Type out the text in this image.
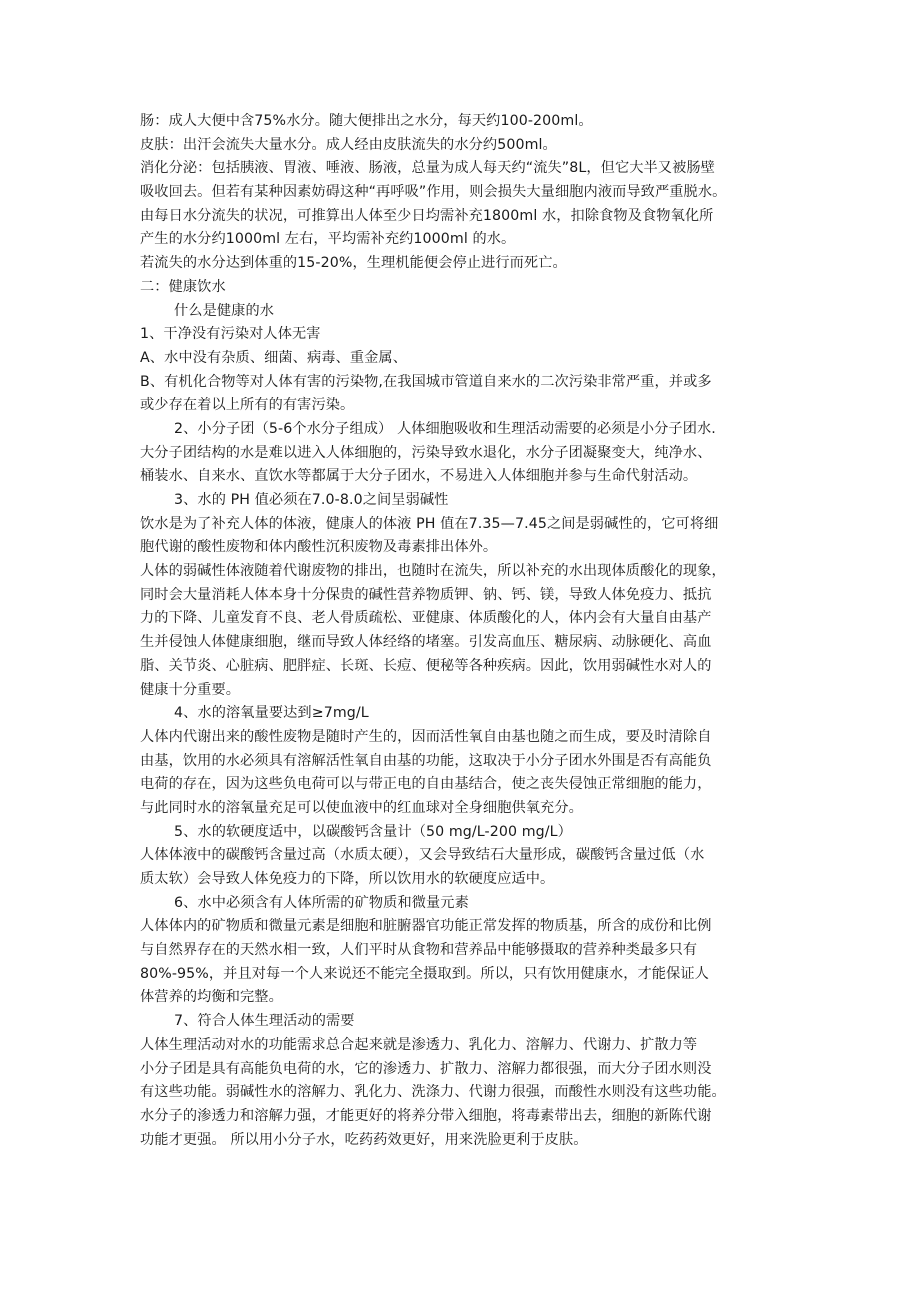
肠：成人大便中含75%水分。随大便排出之水分，每天约100-200ml。
皮肤：出汗会流失大量水分。成人经由皮肤流失的水分约500ml。
消化分泌：包括胰液、胃液、唾液、肠液，总量为成人每天约“流失”8L，但它大半又被肠壁
吸收回去。但若有某种因素妨碍这种“再呼吸”作用，则会损失大量细胞内液而导致严重脱水。
由每日水分流失的状况，可推算出人体至少日均需补充1800ml 水，扣除食物及食物氧化所
产生的水分约1000ml 左右，平均需补充约1000ml 的水。
若流失的水分达到体重的15-20%，生理机能便会停止进行而死亡。
二：健康饮水
什么是健康的水
1、干净没有污染对人体无害
A、水中没有杂质、细菌、病毒、重金属、
B、有机化合物等对人体有害的污染物,在我国城市管道自来水的二次污染非常严重，并或多
或少存在着以上所有的有害污染。
2、小分子团（5-6个水分子组成） 人体细胞吸收和生理活动需要的必须是小分子团水.
大分子团结构的水是难以进入人体细胞的，污染导致水退化，水分子团凝聚变大，纯净水、
桶装水、自来水、直饮水等都属于大分子团水，不易进入人体细胞并参与生命代射活动。
3、水的 PH 值必须在7.0-8.0之间呈弱碱性
饮水是为了补充人体的体液，健康人的体液 PH 值在7.35—7.45之间是弱碱性的，它可将细
胞代谢的酸性废物和体内酸性沉积废物及毒素排出体外。
人体的弱碱性体液随着代谢废物的排出，也随时在流失，所以补充的水出现体质酸化的现象，
同时会大量消耗人体本身十分保贵的碱性营养物质钾、钠、钙、镁，导致人体免疫力、抵抗
力的下降、儿童发育不良、老人骨质疏松、亚健康、体质酸化的人，体内会有大量自由基产
生并侵蚀人体健康细胞，继而导致人体经络的堵塞。引发高血压、糖尿病、动脉硬化、高血
脂、关节炎、心脏病、肥胖症、长斑、长痘、便秘等各种疾病。因此，饮用弱碱性水对人的
健康十分重要。
4、水的溶氧量要达到≥7mg/L
人体内代谢出来的酸性废物是随时产生的，因而活性氧自由基也随之而生成，要及时清除自
由基，饮用的水必须具有溶解活性氧自由基的功能，这取决于小分子团水外围是否有高能负
电荷的存在，因为这些负电荷可以与带正电的自由基结合，使之丧失侵蚀正常细胞的能力，
与此同时水的溶氧量充足可以使血液中的红血球对全身细胞供氧充分。
5、水的软硬度适中，以碳酸钙含量计（50 mg/L-200 mg/L）
人体体液中的碳酸钙含量过高（水质太硬），又会导致结石大量形成，碳酸钙含量过低（水
质太软）会导致人体免疫力的下降，所以饮用水的软硬度应适中。
6、水中必须含有人体所需的矿物质和微量元素
人体体内的矿物质和微量元素是细胞和脏腑器官功能正常发挥的物质基，所含的成份和比例
与自然界存在的天然水相一致，人们平时从食物和营养品中能够摄取的营养种类最多只有
80%-95%，并且对每一个人来说还不能完全摄取到。所以，只有饮用健康水，才能保证人
体营养的均衡和完整。
7、符合人体生理活动的需要
人体生理活动对水的功能需求总合起来就是渗透力、乳化力、溶解力、代谢力、扩散力等
小分子团是具有高能负电荷的水，它的渗透力、扩散力、溶解力都很强，而大分子团水则没
有这些功能。弱碱性水的溶解力、乳化力、洗涤力、代谢力很强，而酸性水则没有这些功能。
水分子的渗透力和溶解力强，才能更好的将养分带入细胞，将毒素带出去，细胞的新陈代谢
功能才更强。 所以用小分子水，吃药药效更好，用来洗脸更利于皮肤。
